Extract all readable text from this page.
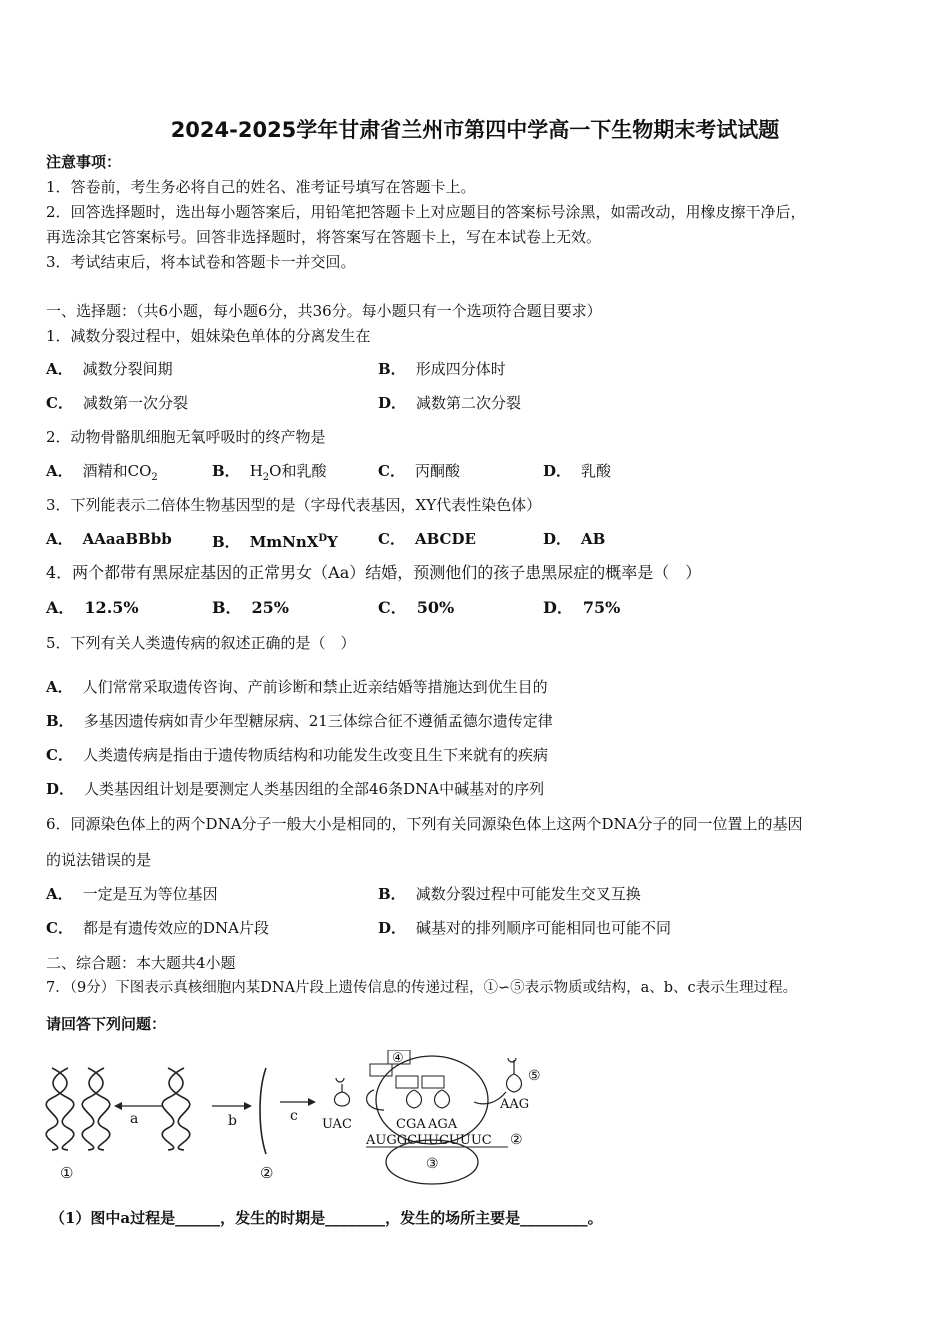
2024-2025学年甘肃省兰州市第四中学高一下生物期末考试试题
注意事项：
1．答卷前，考生务必将自己的姓名、准考证号填写在答题卡上。
2．回答选择题时，选出每小题答案后，用铅笔把答题卡上对应题目的答案标号涂黑，如需改动，用橡皮擦干净后，
再选涂其它答案标号。回答非选择题时，将答案写在答题卡上，写在本试卷上无效。
3．考试结束后，将本试卷和答题卡一并交回。
一、选择题：（共6小题，每小题6分，共36分。每小题只有一个选项符合题目要求）
1．减数分裂过程中，姐妹染色单体的分离发生在
A． 减数分裂间期	B． 形成四分体时
C． 减数第一次分裂	D． 减数第二次分裂
2．动物骨骼肌细胞无氧呼吸时的终产物是
A． 酒精和$CO_2$	B． $H_2O$和乳酸	C． 丙酮酸	D． 乳酸
3．下列能表示二倍体生物基因型的是（字母代表基因，XY代表性染色体）
A． AAaaBBbb	B． MmNnX$^D$Y	C． ABCDE	D． AB
4．两个都带有黑尿症基因的正常男女（Aa）结婚，预测他们的孩子患黑尿症的概率是（　）
A． 12.5%	B． 25%	C． 50%	D． 75%
5．下列有关人类遗传病的叙述正确的是（　）
A． 人们常常采取遗传咨询、产前诊断和禁止近亲结婚等措施达到优生目的
B． 多基因遗传病如青少年型糖尿病、21三体综合征不遵循孟德尔遗传定律
C． 人类遗传病是指由于遗传物质结构和功能发生改变且生下来就有的疾病
D． 人类基因组计划是要测定人类基因组的全部46条DNA中碱基对的序列
6．同源染色体上的两个DNA分子一般大小是相同的，下列有关同源染色体上这两个DNA分子的同一位置上的基因
的说法错误的是
A． 一定是互为等位基因	B． 减数分裂过程中可能发生交叉互换
C． 都是有遗传效应的DNA片段	D． 碱基对的排列顺序可能相同也可能不同
二、综合题：本大题共4小题
7．（9分）下图表示真核细胞内某DNA片段上遗传信息的传递过程，①∽⑤表示物质或结构，a、b、c表示生理过程。
请回答下列问题：
a	b	c
①	②
UAC
④
CGA AGA
AUGGCUUCUUUC ②
③
⑤
AAG
（1）图中a过程是______，发生的时期是________，发生的场所主要是_________。
